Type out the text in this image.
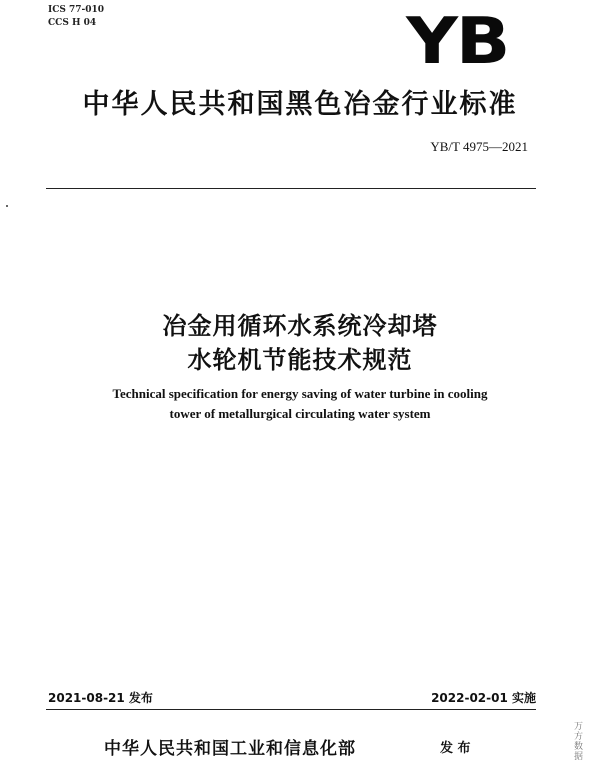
ICS 77-010
CCS H 04	YB
中华人民共和国黑色冶金行业标准
YB/T 4975—2021
冶金用循环水系统冷却塔
水轮机节能技术规范
Technical specification for energy saving of water turbine in cooling
tower of metallurgical circulating water system
2021-08-21 发布	2022-02-01 实施
中华人民共和国工业和信息化部	发 布
万方数据
